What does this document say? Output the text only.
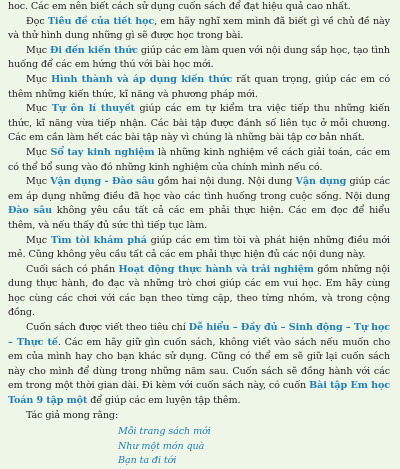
hoc. Các em nên biết cách sử dụng cuốn sách để đạt hiệu quả cao nhất.

Đọc Tiêu đề của tiết học, em hãy nghĩ xem mình đã biết gì về chủ đề này và thử hình dung những gì sẽ được học trong bài.

Mục Đi đến kiến thức giúp các em làm quen với nội dung sắp học, tạo tình huống để các em hứng thú với bài học mới.

Mục Hình thành và áp dụng kiến thức rất quan trọng, giúp các em có thêm những kiến thức, kĩ năng và phương pháp mới.

Mục Tự ôn lí thuyết giúp các em tự kiểm tra việc tiếp thu những kiến thức, kĩ năng vừa tiếp nhận. Các bài tập được đánh số liên tục ở mỗi chương. Các em cần làm hết các bài tập này vì chúng là những bài tập cơ bản nhất.

Mục Sổ tay kinh nghiệm là những kinh nghiệm về cách giải toán, các em có thể bổ sung vào đó những kinh nghiệm của chính mình nếu có.

Mục Vận dụng - Đào sâu gồm hai nội dung. Nội dung Vận dụng giúp các em áp dụng những điều đã học vào các tình huống trong cuộc sống. Nội dung Đào sâu không yêu cầu tất cả các em phải thực hiện. Các em đọc để hiểu thêm, và nếu thấy đủ sức thì tiếp tục làm.

Mục Tìm tòi khám phá giúp các em tìm tòi và phát hiện những điều mới mẻ. Cũng không yêu cầu tất cả các em phải thực hiện đủ các nội dung này.

Cuối sách có phần Hoạt động thực hành và trải nghiệm gồm những nội dung thực hành, đo đạc và những trò chơi giúp các em vui học. Em hãy cùng học cùng các chơi với các bạn theo từng cặp, theo từng nhóm, và trong cộng đồng.

Cuốn sách được viết theo tiêu chí Dễ hiểu – Đầy đủ – Sinh động – Tự học – Thực tế. Các em hãy giữ gìn cuốn sách, không viết vào sách nếu muốn cho em của mình hay cho bạn khác sử dụng. Cũng có thể em sẽ giữ lại cuốn sách này cho mình để dùng trong những năm sau. Cuốn sách sẽ đồng hành với các em trong một thời gian dài. Đi kèm với cuốn sách này, có cuốn Bài tập Em học Toán 9 tập một để giúp các em luyện tập thêm.

Tác giả mong rằng:

Mỗi trang sách mới
Như một món quà
Bạn ta đi tới
